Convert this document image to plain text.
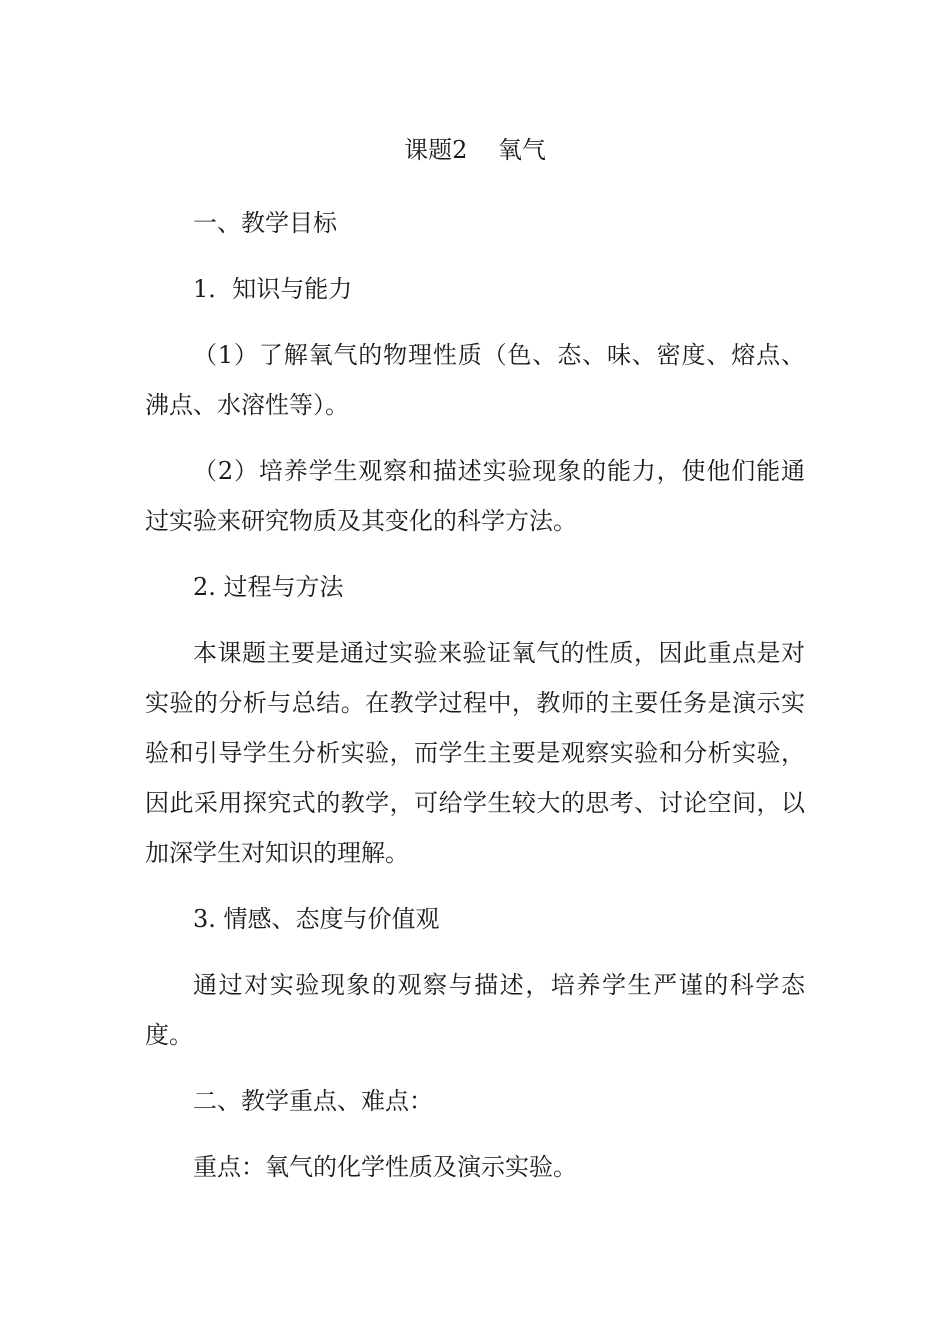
课题2    氧气

一、教学目标

1．知识与能力

（1）了解氧气的物理性质（色、态、味、密度、熔点、沸点、水溶性等）。

（2）培养学生观察和描述实验现象的能力，使他们能通过实验来研究物质及其变化的科学方法。

2. 过程与方法

本课题主要是通过实验来验证氧气的性质，因此重点是对实验的分析与总结。在教学过程中，教师的主要任务是演示实验和引导学生分析实验，而学生主要是观察实验和分析实验，因此采用探究式的教学，可给学生较大的思考、讨论空间，以加深学生对知识的理解。

3. 情感、态度与价值观

通过对实验现象的观察与描述，培养学生严谨的科学态度。

二、教学重点、难点：

重点：氧气的化学性质及演示实验。
